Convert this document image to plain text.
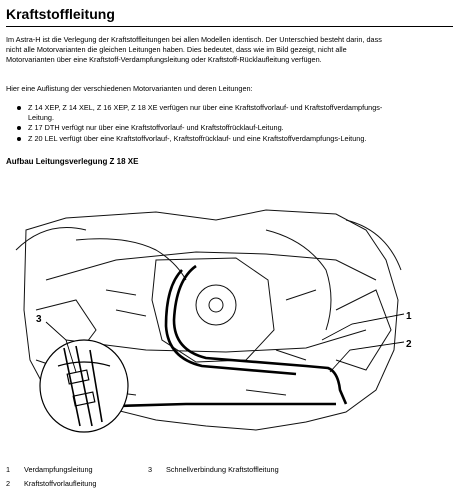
Kraftstoffleitung
Im Astra-H ist die Verlegung der Kraftstoffleitungen bei allen Modellen identisch. Der Unterschied besteht darin, dass
nicht alle Motorvarianten die gleichen Leitungen haben. Dies bedeutet, dass wie im Bild gezeigt, nicht alle
Motorvarianten über eine Kraftstoff-Verdampfungsleitung oder Kraftstoff-Rücklaufleitung verfügen.
Hier eine Auflistung der verschiedenen Motorvarianten und deren Leitungen:
Z 14 XEP, Z 14 XEL, Z 16 XEP, Z 18 XE verfügen nur über eine Kraftstoffvorlauf- und Kraftstoffverdampfungs-
Leitung.
Z 17 DTH verfügt nur über eine Kraftstoffvorlauf- und Kraftstoffrücklauf-Leitung.
Z 20 LEL verfügt über eine Kraftstoffvorlauf-, Kraftstoffrücklauf- und eine Kraftstoffverdampfungs-Leitung.
Aufbau Leitungsverlegung Z 18 XE
1
2
3
1 Verdampfungsleitung	3 Schnellverbindung Kraftstoffleitung
2 Kraftstoffvorlaufleitung
